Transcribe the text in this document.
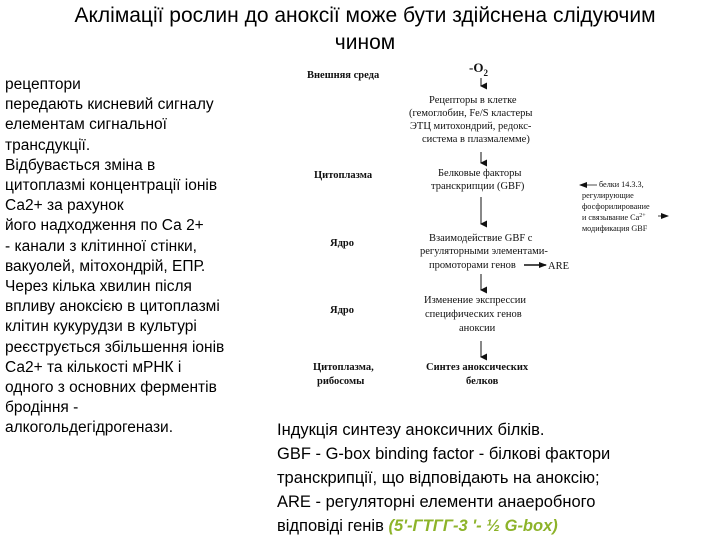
Аклімації рослин до аноксії може бути здійснена слідуючим
чином
рецептори
передають кисневий сигналу
елементам сигнальної
трансдукції.
Відбувається зміна в
цитоплазмі концентрації іонів
Са2+ за рахунок
його надходження по Са 2+
- канали з клітинної стінки,
вакуолей, мітохондрій, ЕПР.
Через кілька хвилин після
впливу аноксією в цитоплазмі
клітин кукурудзи в культурі
реєструється збільшення іонів
Са2+ та кількості мРНК і
одного з основних ферментів
бродіння -
алкогольдегідрогенази.
Внешняя среда
Цитоплазма
Ядро
Ядро
Цитоплазма,
рибосомы
$-O_2$
Рецепторы в клетке
(гемоглобин, Fe/S кластеры
ЭТЦ митохондрий, редокс-
система в плазмалемме)
Белковые факторы
транскрипции (GBF)	белки 14.3.3,
регулирующие
фосфорилирование
и связывание $Са^{2+}$
модификация GBF
Взаимодействие GBF с
регуляторными элементами-
промоторами генов	ARE
Изменение экспрессии
специфических генов
аноксии
Синтез аноксических
белков
Індукція синтезу аноксичних білків.
GBF - G-box binding factor - білкові фактори
транскрипції, що відповідають на аноксію;
ARE - регуляторні елементи анаеробного
відповіді генів (5'-ГТГГ-3 '- ½ G-box)
